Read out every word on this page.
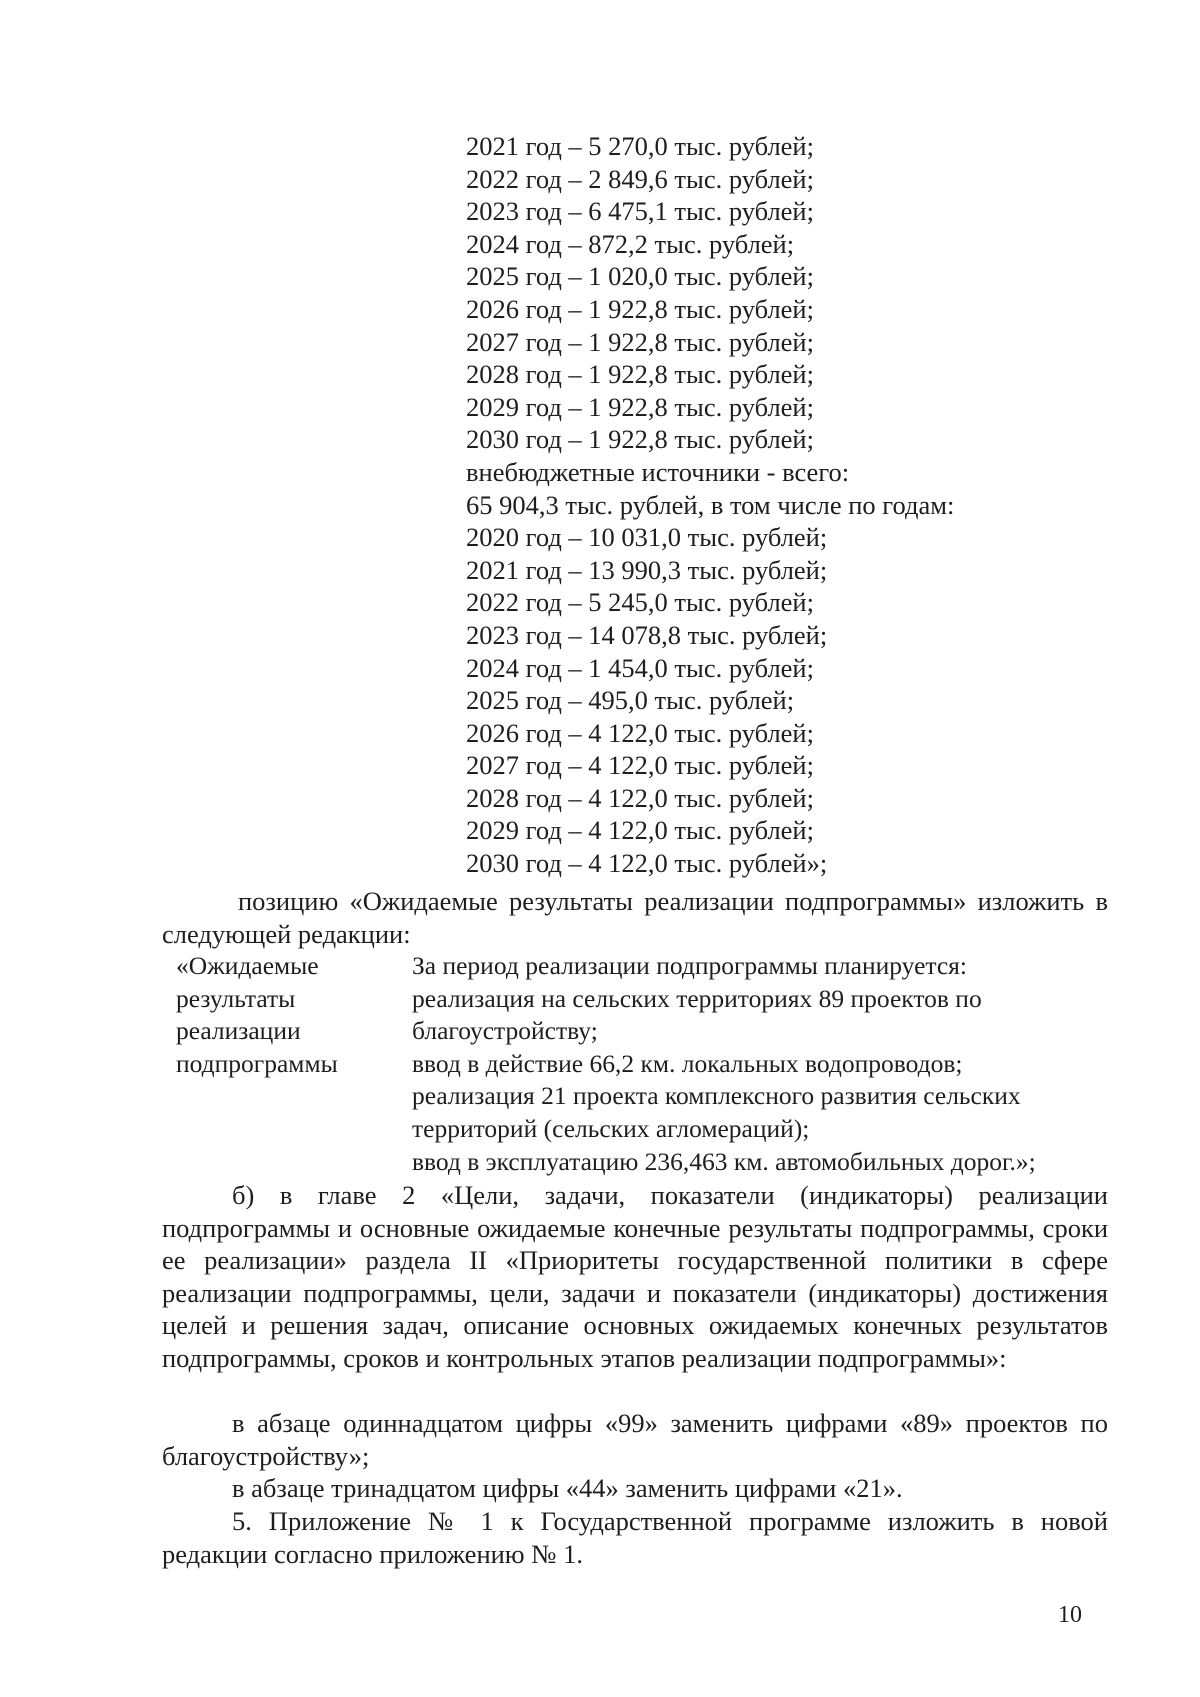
2021 год – 5 270,0 тыс. рублей;
2022 год – 2 849,6 тыс. рублей;
2023 год – 6 475,1 тыс. рублей;
2024 год – 872,2 тыс. рублей;
2025 год – 1 020,0 тыс. рублей;
2026 год – 1 922,8 тыс. рублей;
2027 год – 1 922,8 тыс. рублей;
2028 год – 1 922,8 тыс. рублей;
2029 год – 1 922,8 тыс. рублей;
2030 год – 1 922,8 тыс. рублей;
внебюджетные источники - всего:
65 904,3 тыс. рублей, в том числе по годам:
2020 год – 10 031,0 тыс. рублей;
2021 год – 13 990,3 тыс. рублей;
2022 год – 5 245,0 тыс. рублей;
2023 год – 14 078,8 тыс. рублей;
2024 год – 1 454,0 тыс. рублей;
2025 год – 495,0 тыс. рублей;
2026 год – 4 122,0 тыс. рублей;
2027 год – 4 122,0 тыс. рублей;
2028 год – 4 122,0 тыс. рублей;
2029 год – 4 122,0 тыс. рублей;
2030 год – 4 122,0 тыс. рублей»;
позицию «Ожидаемые результаты реализации подпрограммы» изложить в следующей редакции:
«Ожидаемые
результаты
реализации
подпрограммы
За период реализации подпрограммы планируется:
реализация на сельских территориях 89 проектов по
благоустройству;
ввод в действие 66,2 км. локальных водопроводов;
реализация 21 проекта комплексного развития сельских
территорий (сельских агломераций);
ввод в эксплуатацию 236,463 км. автомобильных дорог.»;
б) в главе 2 «Цели, задачи, показатели (индикаторы) реализации подпрограммы и основные ожидаемые конечные результаты подпрограммы, сроки ее реализации» раздела II «Приоритеты государственной политики в сфере реализации подпрограммы, цели, задачи и показатели (индикаторы) достижения целей и решения задач, описание основных ожидаемых конечных результатов подпрограммы, сроков и контрольных этапов реализации подпрограммы»:
в абзаце одиннадцатом цифры «99» заменить цифрами «89» проектов по благоустройству»;
в абзаце тринадцатом цифры «44» заменить цифрами «21».
5. Приложение № 1 к Государственной программе изложить в новой редакции согласно приложению № 1.
10
